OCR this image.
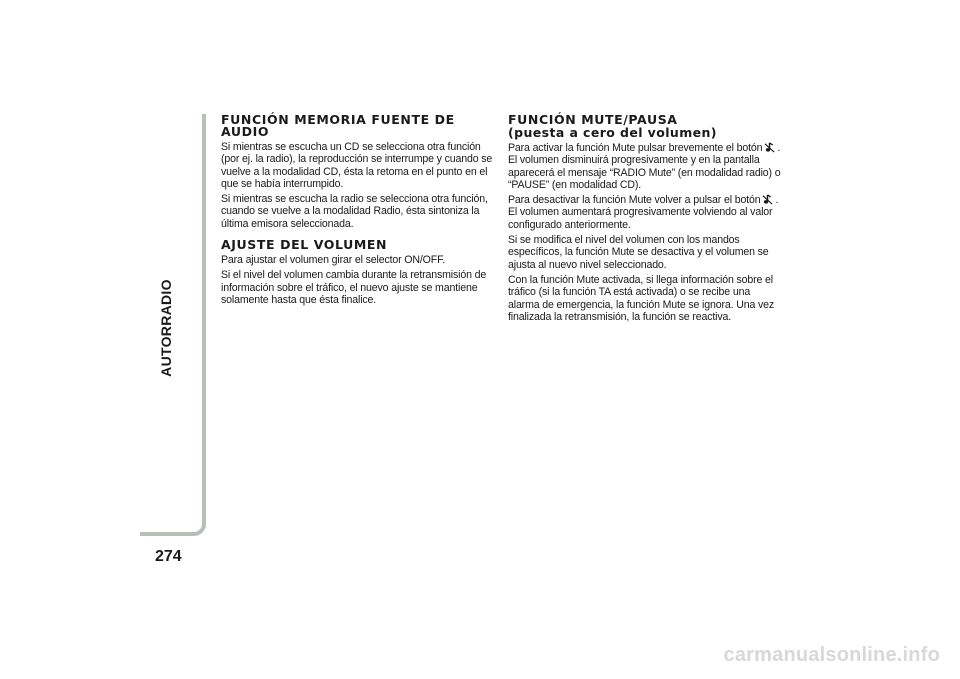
AUTORRADIO
274
FUNCIÓN MEMORIA FUENTE DE AUDIO

Si mientras se escucha un CD se selecciona otra función (por ej. la radio), la reproducción se interrumpe y cuando se vuelve a la modalidad CD, ésta la retoma en el punto en el que se había interrumpido.

Si mientras se escucha la radio se selecciona otra función, cuando se vuelve a la modalidad Radio, ésta sintoniza la última emisora seleccionada.

AJUSTE DEL VOLUMEN

Para ajustar el volumen girar el selector ON/OFF.

Si el nivel del volumen cambia durante la retransmisión de información sobre el tráfico, el nuevo ajuste se mantiene solamente hasta que ésta finalice.

FUNCIÓN MUTE/PAUSA
(puesta a cero del volumen)

Para activar la función Mute pulsar brevemente el botón . El volumen disminuirá progresivamente y en la pantalla aparecerá el mensaje “RADIO Mute” (en modalidad radio) o “PAUSE” (en modalidad CD).

Para desactivar la función Mute volver a pulsar el botón . El volumen aumentará progresivamente volviendo al valor configurado anteriormente.

Si se modifica el nivel del volumen con los mandos específicos, la función Mute se desactiva y el volumen se ajusta al nuevo nivel seleccionado.

Con la función Mute activada, si llega información sobre el tráfico (si la función TA está activada) o se recibe una alarma de emergencia, la función Mute se ignora. Una vez finalizada la retransmisión, la función se reactiva.

carmanualsonline.info
